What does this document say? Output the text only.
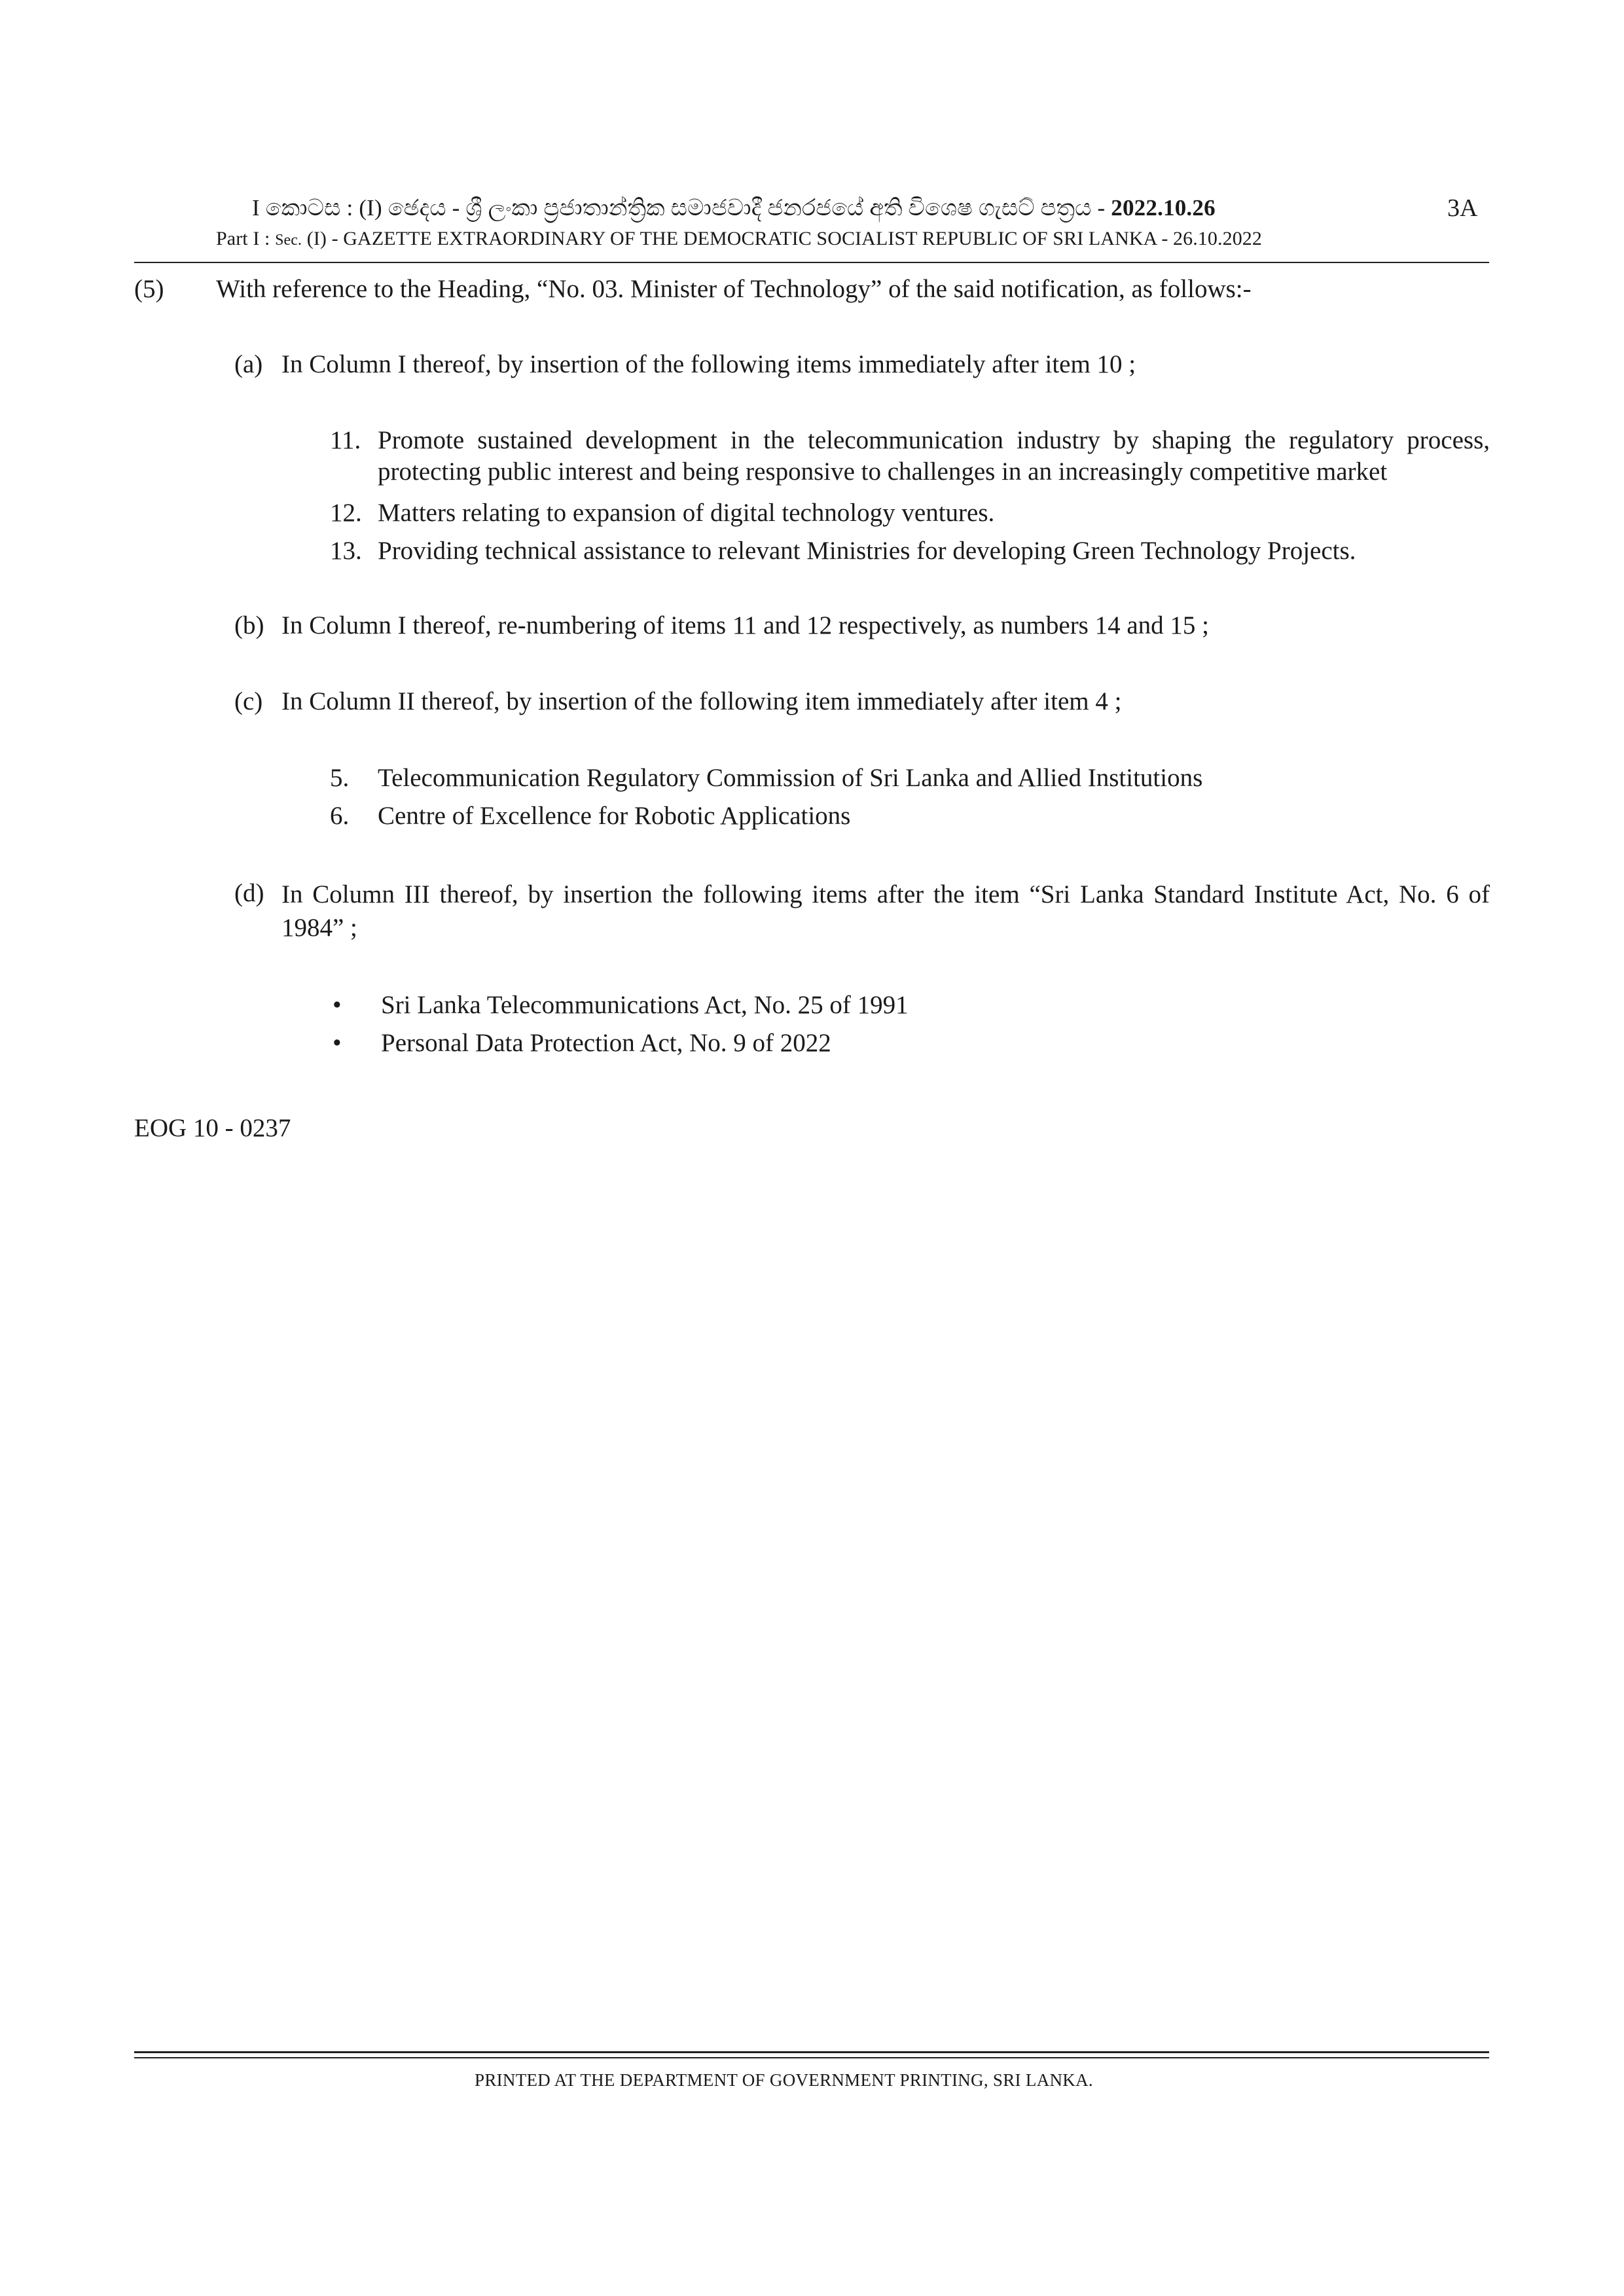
I කොටස : (I) ඡෙදය - ශ්‍රී ලංකා ප්‍රජාතාන්ත්‍රික සමාජවාදී ජනරජයේ අති විශෙෂ ගැසට් පත්‍රය - 2022.10.26
Part I : Sec. (I) - GAZETTE EXTRAORDINARY OF THE DEMOCRATIC SOCIALIST REPUBLIC OF SRI LANKA - 26.10.2022
3A
(5) With reference to the Heading, “No. 03. Minister of Technology” of the said notification, as follows:-
(a) In Column I thereof, by insertion of the following items immediately after item 10 ;
11. Promote sustained development in the telecommunication industry by shaping the regulatory process, protecting public interest and being responsive to challenges in an increasingly competitive market
12. Matters relating to expansion of digital technology ventures.
13. Providing technical assistance to relevant Ministries for developing Green Technology Projects.
(b) In Column I thereof, re-numbering of items 11 and 12 respectively, as numbers 14 and 15 ;
(c) In Column II thereof, by insertion of the following item immediately after item 4 ;
5. Telecommunication Regulatory Commission of Sri Lanka and Allied Institutions
6. Centre of Excellence for Robotic Applications
(d) In Column III thereof, by insertion the following items after the item “Sri Lanka Standard Institute Act, No. 6 of 1984” ;
• Sri Lanka Telecommunications Act, No. 25 of 1991
• Personal Data Protection Act, No. 9 of 2022
EOG 10 - 0237
PRINTED AT THE DEPARTMENT OF GOVERNMENT PRINTING, SRI LANKA.
